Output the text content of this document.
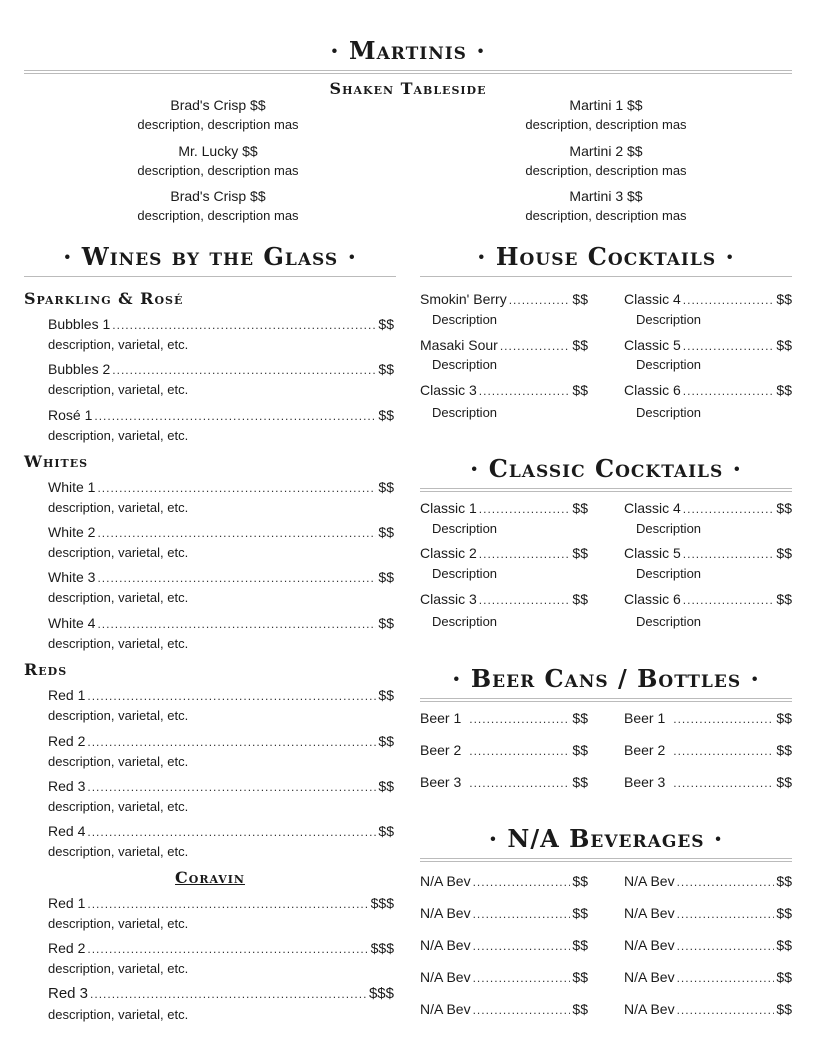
· Martinis ·
Shaken Tableside
Brad's Crisp $$
description, description mas
Mr. Lucky $$
description, description mas
Brad's Crisp $$
description, description mas
Martini 1 $$
description, description mas
Martini 2 $$
description, description mas
Martini 3 $$
description, description mas
· Wines by the Glass ·
Sparkling & Rosé
Bubbles 1 .....	$$
description, varietal, etc.
Bubbles 2 .....	$$
description, varietal, etc.
Rosé 1 .....	$$
description, varietal, etc.
Whites
White 1 .....	$$
description, varietal, etc.
White 2 .....	$$
description, varietal, etc.
White 3 .....	$$
description, varietal, etc.
White 4 .....	$$
description, varietal, etc.
Reds
Red 1 .....	$$
description, varietal, etc.
Red 2 .....	$$
description, varietal, etc.
Red 3 .....	$$
description, varietal, etc.
Red 4 .....	$$
description, varietal, etc.
Coravin
Red 1 .....	$$$
description, varietal, etc.
Red 2 .....	$$$
description, varietal, etc.
Red 3 .....	$$$
description, varietal, etc.
· House Cocktails ·
Smokin' Berry .....	$$
Description
Masaki Sour .....	$$
Description
Classic 3 .....	$$
Description
Classic 4 .....	$$
Description
Classic 5 .....	$$
Description
Classic 6 .....	$$
Description
· Classic Cocktails ·
Classic 1 .....	$$
Description
Classic 2 .....	$$
Description
Classic 3 .....	$$
Description
Classic 4 .....	$$
Description
Classic 5 .....	$$
Description
Classic 6 .....	$$
Description
· Beer Cans / Bottles ·
Beer 1 .....	$$
Beer 2 .....	$$
Beer 3 .....	$$
Beer 1 .....	$$
Beer 2 .....	$$
Beer 3 .....	$$
· N/A Beverages ·
N/A Bev .....	$$
N/A Bev .....	$$
N/A Bev .....	$$
N/A Bev .....	$$
N/A Bev .....	$$
N/A Bev .....	$$
N/A Bev .....	$$
N/A Bev .....	$$
N/A Bev .....	$$
N/A Bev .....	$$
